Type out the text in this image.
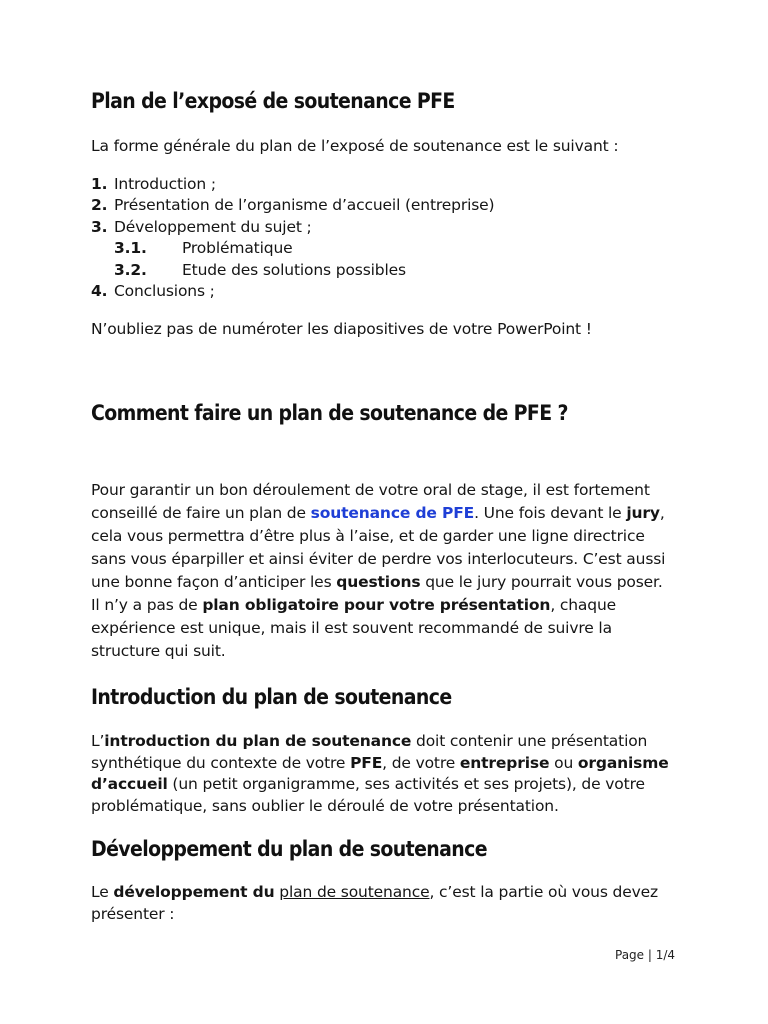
Plan de l’exposé de soutenance PFE

La forme générale du plan de l’exposé de soutenance est le suivant :

1. Introduction ;
2. Présentation de l’organisme d’accueil (entreprise)
3. Développement du sujet ;
3.1. Problématique
3.2. Etude des solutions possibles
4. Conclusions ;

N’oubliez pas de numéroter les diapositives de votre PowerPoint !

Comment faire un plan de soutenance de PFE ?

Pour garantir un bon déroulement de votre oral de stage, il est fortement
conseillé de faire un plan de soutenance de PFE. Une fois devant le jury,
cela vous permettra d’être plus à l’aise, et de garder une ligne directrice
sans vous éparpiller et ainsi éviter de perdre vos interlocuteurs. C’est aussi
une bonne façon d’anticiper les questions que le jury pourrait vous poser.
Il n’y a pas de plan obligatoire pour votre présentation, chaque
expérience est unique, mais il est souvent recommandé de suivre la
structure qui suit.

Introduction du plan de soutenance

L’introduction du plan de soutenance doit contenir une présentation
synthétique du contexte de votre PFE, de votre entreprise ou organisme
d’accueil (un petit organigramme, ses activités et ses projets), de votre
problématique, sans oublier le déroulé de votre présentation.

Développement du plan de soutenance

Le développement du plan de soutenance, c’est la partie où vous devez
présenter :

Page | 1/4
